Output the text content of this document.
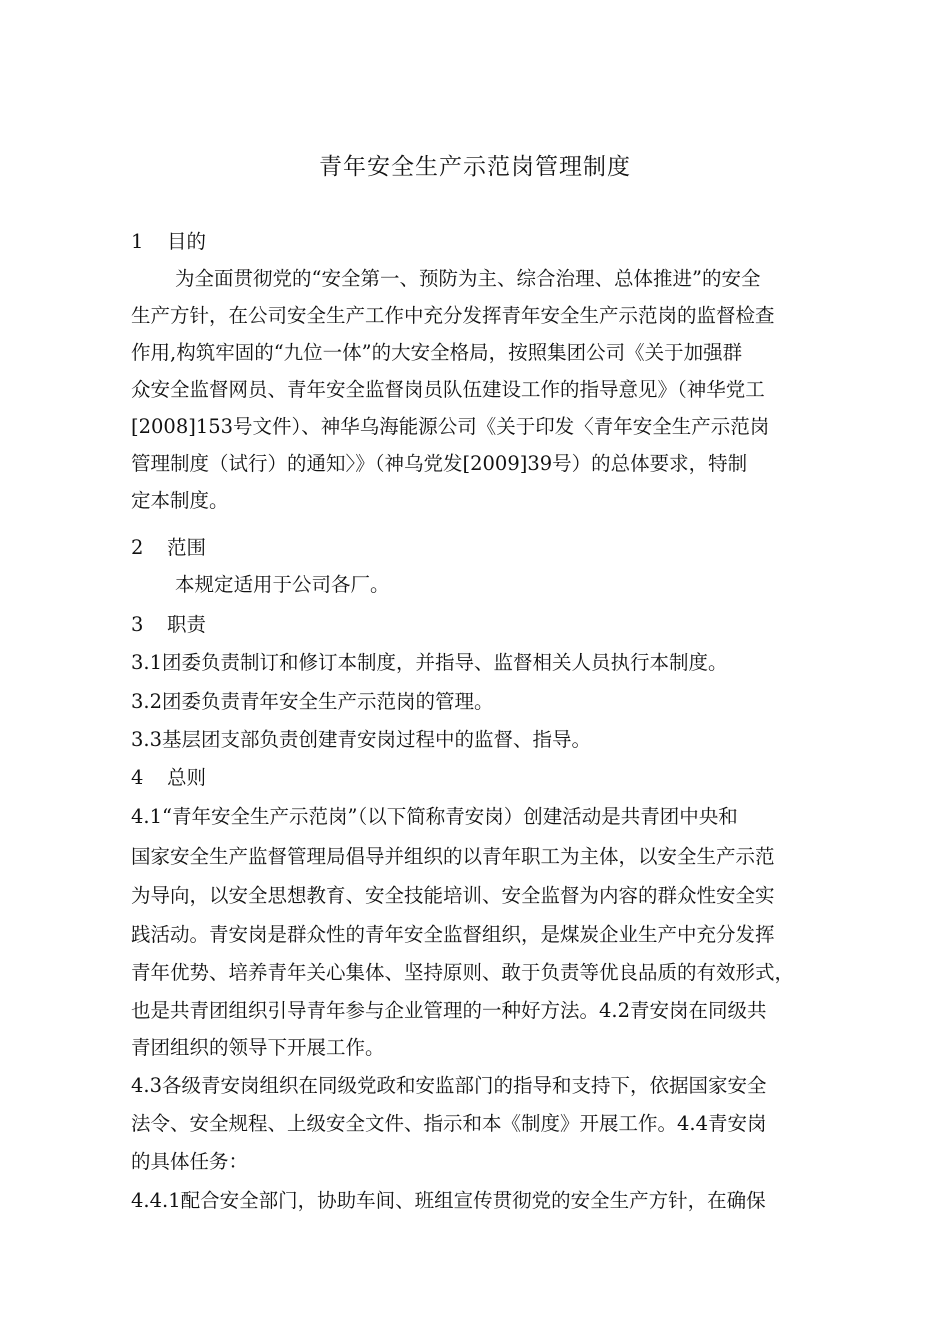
青年安全生产示范岗管理制度
1 目的
为全面贯彻党的“安全第一、预防为主、综合治理、总体推进”的安全
生产方针，在公司安全生产工作中充分发挥青年安全生产示范岗的监督检查
作用,构筑牢固的“九位一体”的大安全格局，按照集团公司《关于加强群
众安全监督网员、青年安全监督岗员队伍建设工作的指导意见》（神华党工
[2008]153号文件）、神华乌海能源公司《关于印发〈青年安全生产示范岗
管理制度（试行）的通知〉》（神乌党发[2009]39号）的总体要求，特制
定本制度。
2 范围
本规定适用于公司各厂。
3 职责
3.1团委负责制订和修订本制度，并指导、监督相关人员执行本制度。
3.2团委负责青年安全生产示范岗的管理。
3.3基层团支部负责创建青安岗过程中的监督、指导。
4 总则
4.1“青年安全生产示范岗”（以下简称青安岗）创建活动是共青团中央和
国家安全生产监督管理局倡导并组织的以青年职工为主体，以安全生产示范
为导向，以安全思想教育、安全技能培训、安全监督为内容的群众性安全实
践活动。青安岗是群众性的青年安全监督组织，是煤炭企业生产中充分发挥
青年优势、培养青年关心集体、坚持原则、敢于负责等优良品质的有效形式，
也是共青团组织引导青年参与企业管理的一种好方法。4.2青安岗在同级共
青团组织的领导下开展工作。
4.3各级青安岗组织在同级党政和安监部门的指导和支持下，依据国家安全
法令、安全规程、上级安全文件、指示和本《制度》开展工作。4.4青安岗
的具体任务：
4.4.1配合安全部门，协助车间、班组宣传贯彻党的安全生产方针，在确保
